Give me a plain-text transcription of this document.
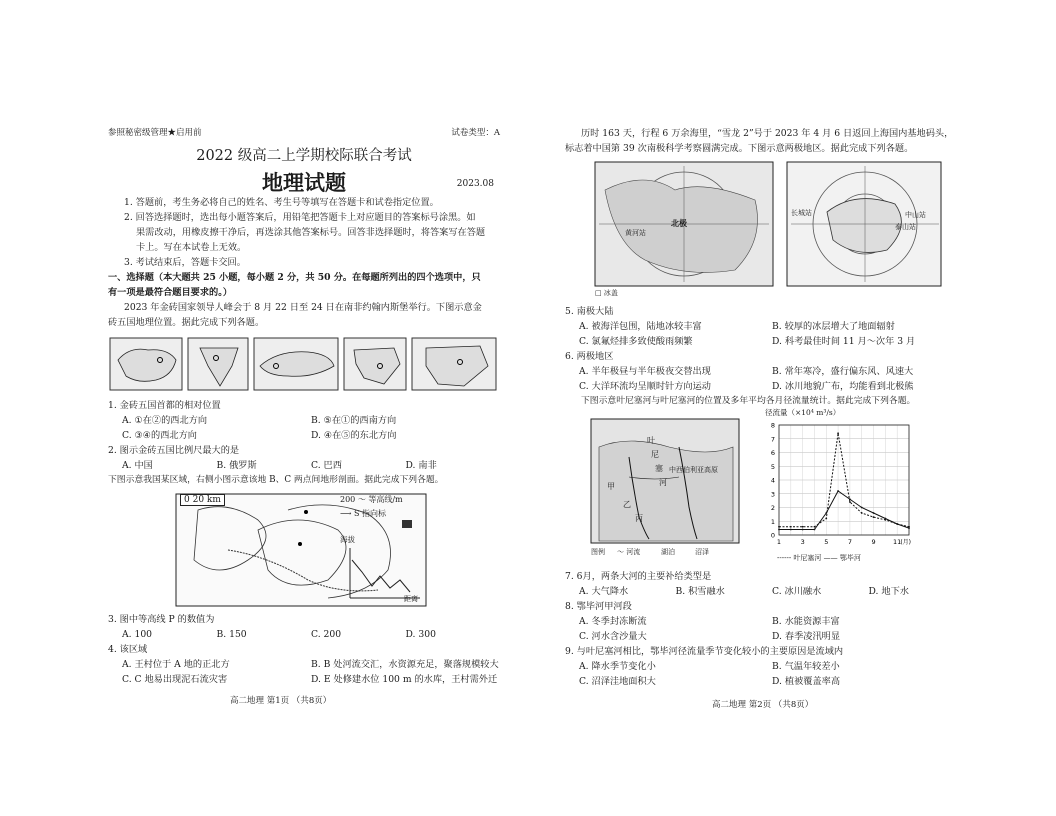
参照秘密级管理★启用前	试卷类型：A
2022 级高二上学期校际联合考试
地理试题	2023.08
1. 答题前，考生务必将自己的姓名、考生号等填写在答题卡和试卷指定位置。
2. 回答选择题时，选出每小题答案后，用铅笔把答题卡上对应题目的答案标号涂黑。如
果需改动，用橡皮擦干净后，再选涂其他答案标号。回答非选择题时，将答案写在答题
卡上。写在本试卷上无效。
3. 考试结束后，答题卡交回。
一、选择题（本大题共 25 小题，每小题 2 分，共 50 分。在每题所列出的四个选项中，只
有一项是最符合题目要求的。）
2023 年金砖国家领导人峰会于 8 月 22 日至 24 日在南非约翰内斯堡举行。下图示意金
砖五国地理位置。据此完成下列各题。
1. 金砖五国首都的相对位置
A. ①在②的西北方向	B. ⑤在①的西南方向
C. ③④的西北方向	D. ④在⑤的东北方向
2. 图示金砖五国比例尺最大的是
A. 中国	B. 俄罗斯	C. 巴西	D. 南非
下图示意我国某区域，右侧小图示意该地 B、C 两点间地形剖面。据此完成下列各题。
0 20 km	200 ～ 等高线/m
⟶ S 指向标
海拔
距离
3. 图中等高线 P 的数值为
A. 100	B. 150	C. 200	D. 300
4. 该区域
A. 王村位于 A 地的正北方	B. B 处河流交汇，水资源充足，聚落规模较大
C. C 地易出现泥石流灾害	D. E 处修建水位 100 m 的水库，王村需外迁
高二地理 第1页 （共8页）
历时 163 天，行程 6 万余海里，“雪龙 2”号于 2023 年 4 月 6 日返回上海国内基地码头，
标志着中国第 39 次南极科学考察圆满完成。下图示意两极地区。据此完成下列各题。
北极
黄河站
长城站	中山站
泰山站
□ 冰盖
5. 南极大陆
A. 被海洋包围，陆地冰较丰富	B. 较厚的冰层增大了地面辐射
C. 氯氟烃排多致使酸雨频繁	D. 科考最佳时间 11 月～次年 3 月
6. 两极地区
A. 半年极昼与半年极夜交替出现	B. 常年寒冷，盛行偏东风、风速大
C. 大洋环流均呈顺时针方向运动	D. 冰川地貌广布，均能看到北极熊
下图示意叶尼塞河与叶尼塞河的位置及多年平均各月径流量统计。据此完成下列各题。
叶
尼
塞
河
甲
乙
丙
中西伯利亚高原
图例 ～ 河流	湖泊	沼泽
径流量（×10⁴ m³/s）
0
1
2
3
4
5
6
7
8
1	3	5	7	9	11
(月)
------ 叶尼塞河 —— 鄂毕河
7. 6月，两条大河的主要补给类型是
A. 大气降水	B. 积雪融水	C. 冰川融水	D. 地下水
8. 鄂毕河甲河段
A. 冬季封冻断流	B. 水能资源丰富
C. 河水含沙量大	D. 春季凌汛明显
9. 与叶尼塞河相比，鄂毕河径流量季节变化较小的主要原因是流域内
A. 降水季节变化小	B. 气温年较差小
C. 沼泽洼地面积大	D. 植被覆盖率高
高二地理 第2页 （共8页）
